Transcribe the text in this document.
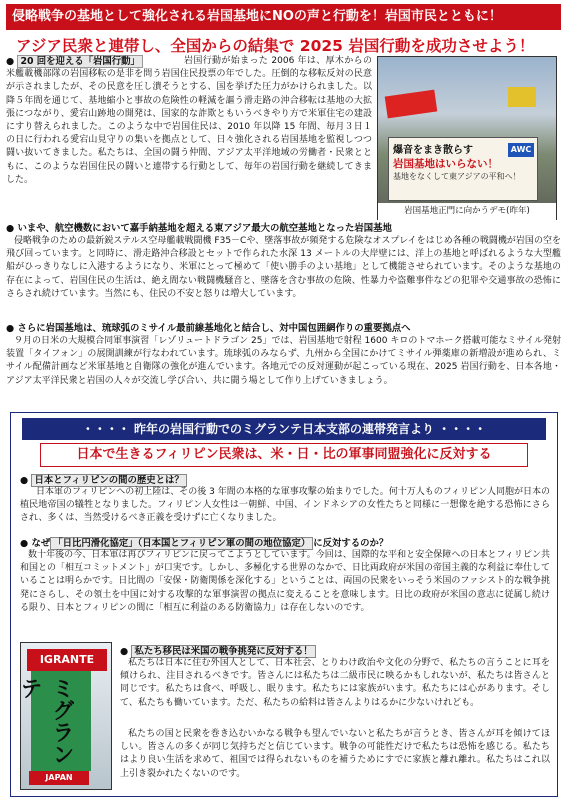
侵略戦争の基地として強化される岩国基地にNOの声と行動を！岩国市民とともに！
アジア民衆と連帯し、全国からの結集で 2025 岩国行動を成功させよう！
● 20 回を迎える「岩国行動」	岩国行動が始まった 2006 年は、厚木からの米艦載機部隊の岩国移転の是非を問う岩国住民投票の年でした。圧倒的な移転反対の民意が示されましたが、その民意を圧し潰そうとする、国を挙げた圧力がかけられました。以降５年間を通じて、基地縮小と事故の危険性の軽減を謳う滑走路の沖合移転は基地の大拡張につながり、愛宕山跡地の開発は、国家的な詐欺ともいうべきやり方で米軍住宅の建設にすり替えられました。このような中で岩国住民は、2010 年以降 15 年間、毎月３日１の日に行われる愛宕山見守りの集いを拠点として、日々強化される岩国基地を監視しつつ闘い抜いてきました。私たちは、全国の闘う仲間、アジア太平洋地域の労働者・民衆とともに、このような岩国住民の闘いと連帯する行動として、毎年の岩国行動を継続してきました。
爆音をまき散らす
岩国基地はいらない！
基地をなくして東アジアの平和へ！
AWC
岩国基地正門に向かうデモ(昨年)
● いまや、航空機数において嘉手納基地を超える東アジア最大の航空基地となった岩国基地
侵略戦争のための最新鋭ステルス空母艦載戦闘機 F35－Cや、墜落事故が頻発する危険なオスプレイをはじめ各種の戦闘機が岩国の空を飛び回っています。と同時に、滑走路沖合移設とセットで作られた水深 13 メートルの大岸壁には、洋上の基地と呼ばれるような大型艦船がひっきりなしに入港するようになり、米軍にとって極めて「使い勝手のよい基地」として機能させられています。そのような基地の存在によって、岩国住民の生活は、絶え間ない戦闘機騒音と、墜落を含む事故の危険、性暴力や盗難事件などの犯罪や交通事故の恐怖にさらされ続けています。当然にも、住民の不安と怒りは増大しています。
● さらに岩国基地は、琉球弧のミサイル最前線基地化と結合し、対中国包囲網作りの重要拠点へ
９月の日米の大規模合同軍事演習「レゾリュートドラゴン 25」では、岩国基地で射程 1600 キロのトマホーク搭載可能なミサイル発射装置「タイフォン」の展開訓練が行なわれています。琉球弧のみならず、九州から全国にかけてミサイル弾薬庫の新増設が進められ、ミサイル配備計画など米軍基地と自衛隊の強化が進んでいます。各地元での反対運動が起こっている現在、2025 岩国行動を、日本各地・アジア太平洋民衆と岩国の人々が交流し学び合い、共に闘う場として作り上げていきましょう。
・・・・ 昨年の岩国行動でのミグランテ日本支部の連帯発言より ・・・・
日本で生きるフィリピン民衆は、米・日・比の軍事同盟強化に反対する
● 日本とフィリピンの間の歴史とは？
日本軍のフィリピンへの初上陸は、その後 3 年間の本格的な軍事攻撃の始まりでした。何十万人ものフィリピン人同胞が日本の植民地帝国の犠牲となりました。フィリピン人女性は一朝鮮、中国、インドネシアの女性たちと同様に一想像を絶する恐怖にさらされ、多くは、当然受けるべき正義を受けずに亡くなりました。
● なぜ 「日比円滑化協定」（日本国とフィリピン軍の間の地位協定） に反対するのか？
数十年後の今、日本軍は再びフィリピンに戻ってこようとしています。今回は、国際的な平和と安全保障への日本とフィリピン共和国との「相互コミットメント」が口実です。しかし、多極化する世界のなかで、日比両政府が米国の帝国主義的な利益に奉仕していることは明らかです。日比間の「安保・防衛関係を深化する」ということは、両国の民衆をいっそう米国のファシスト的な戦争挑発にさらし、その領土を中国に対する攻撃的な軍事演習の拠点に変えることを意味します。日比の政府が米国の意志に従属し続ける限り、日本とフィリピンの間に「相互に利益のある防衛協力」は存在しないのです。
IGRANTE
ミグランテ
JAPAN
● 私たち移民は米国の戦争挑発に反対する！
私たちは日本に住む外国人として、日本社会、とりわけ政治や文化の分野で、私たちの言うことに耳を傾けられ、注目されるべきです。皆さんには私たちは二級市民に映るかもしれないが、私たちは皆さんと同じです。私たちは食べ、呼吸し、眠ります。私たちには家族がいます。私たちには心があります。そして、私たちも働いています。ただ、私たちの給料は皆さんよりはるかに少ないけれども。
私たちの国と民衆を巻き込むいかなる戦争も望んでいないと私たちが言うとき、皆さんが耳を傾けてほしい。皆さんの多くが同じ気持ちだと信じています。戦争の可能性だけで私たちは恐怖を感じる。私たちはより良い生活を求めて、祖国では得られないものを補うためにすでに家族と離れ離れ。私たちはこれ以上引き裂かれたくないのです。
